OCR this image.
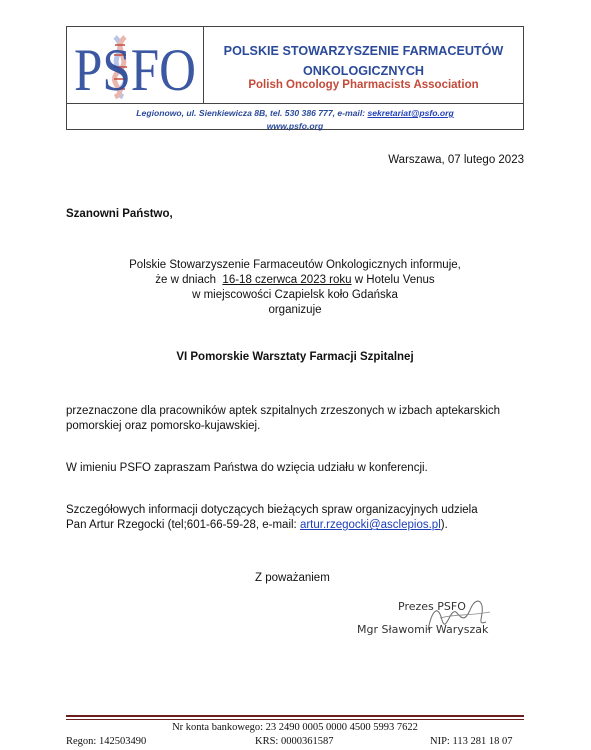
PSFO	POLSKIE STOWARZYSZENIE FARMACEUTÓW
ONKOLOGICZNYCH
Polish Oncology Pharmacists Association
Legionowo, ul. Sienkiewicza 8B, tel. 530 386 777, e-mail: sekretariat@psfo.org
www.psfo.org
Warszawa, 07 lutego 2023
Szanowni Państwo,
Polskie Stowarzyszenie Farmaceutów Onkologicznych informuje,
że w dniach 16-18 czerwca 2023 roku w Hotelu Venus
w miejscowości Czapielsk koło Gdańska
organizuje
VI Pomorskie Warsztaty Farmacji Szpitalnej
przeznaczone dla pracowników aptek szpitalnych zrzeszonych w izbach aptekarskich
pomorskiej oraz pomorsko-kujawskiej.
W imieniu PSFO zapraszam Państwa do wzięcia udziału w konferencji.
Szczegółowych informacji dotyczących bieżących spraw organizacyjnych udziela
Pan Artur Rzegocki (tel;601-66-59-28, e-mail: artur.rzegocki@asclepios.pl).
Z poważaniem
Prezes PSFO
Mgr Sławomir Waryszak
Nr konta bankowego: 23 2490 0005 0000 4500 5993 7622
Regon: 142503490	KRS: 0000361587	NIP: 113 281 18 07
